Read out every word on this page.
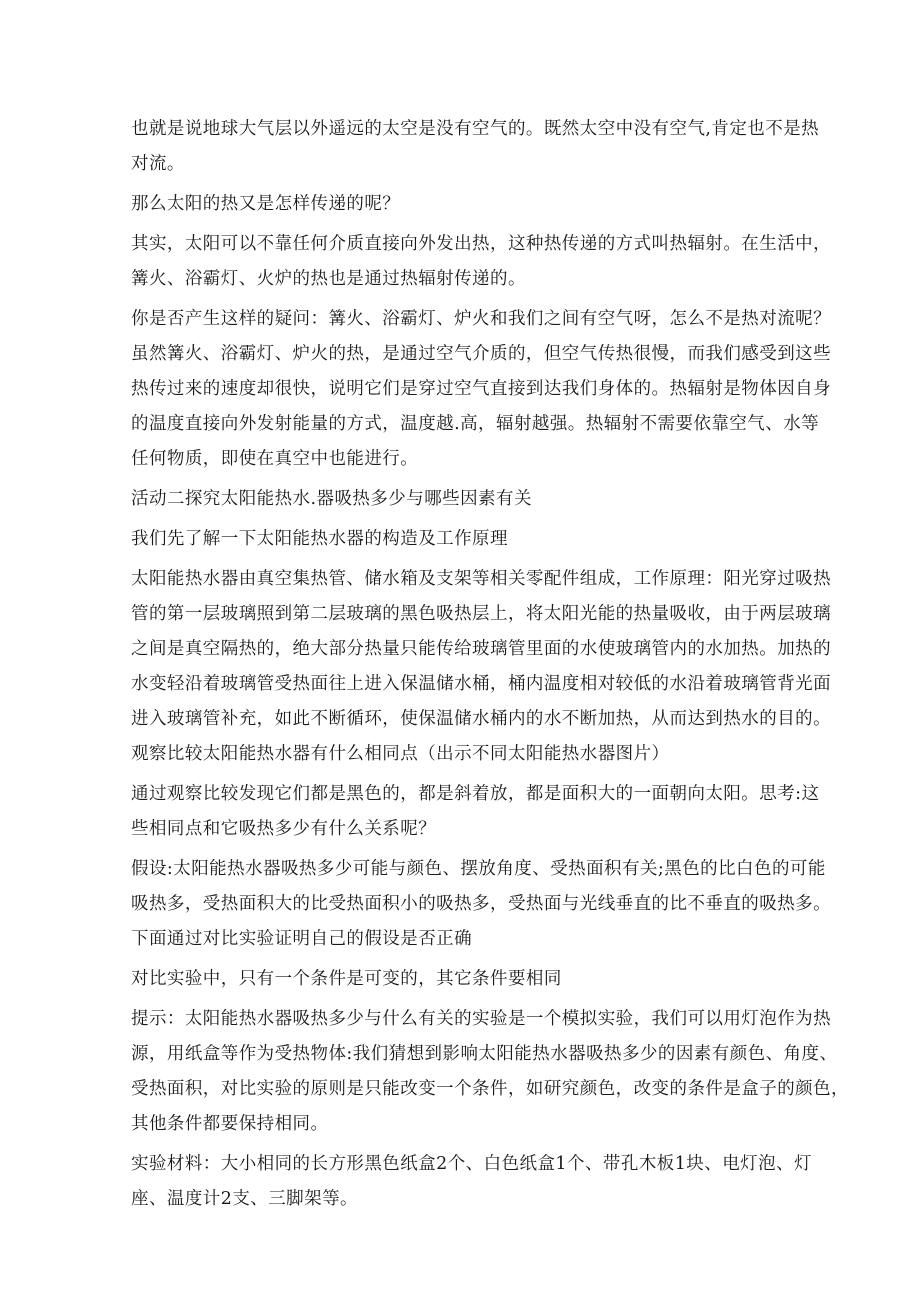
也就是说地球大气层以外遥远的太空是没有空气的。既然太空中没有空气,肯定也不是热

对流。

那么太阳的热又是怎样传递的呢？

其实，太阳可以不靠任何介质直接向外发出热，这种热传递的方式叫热辐射。在生活中，

篝火、浴霸灯、火炉的热也是通过热辐射传递的。

你是否产生这样的疑问：篝火、浴霸灯、炉火和我们之间有空气呀，怎么不是热对流呢？

虽然篝火、浴霸灯、炉火的热，是通过空气介质的，但空气传热很慢，而我们感受到这些

热传过来的速度却很快，说明它们是穿过空气直接到达我们身体的。热辐射是物体因自身

的温度直接向外发射能量的方式，温度越.高，辐射越强。热辐射不需要依靠空气、水等

任何物质，即使在真空中也能进行。

活动二探究太阳能热水.器吸热多少与哪些因素有关

我们先了解一下太阳能热水器的构造及工作原理

太阳能热水器由真空集热管、储水箱及支架等相关零配件组成，工作原理：阳光穿过吸热

管的第一层玻璃照到第二层玻璃的黑色吸热层上，将太阳光能的热量吸收，由于两层玻璃

之间是真空隔热的，绝大部分热量只能传给玻璃管里面的水使玻璃管内的水加热。加热的

水变轻沿着玻璃管受热面往上进入保温储水桶，桶内温度相对较低的水沿着玻璃管背光面

进入玻璃管补充，如此不断循环，使保温储水桶内的水不断加热，从而达到热水的目的。

观察比较太阳能热水器有什么相同点（出示不同太阳能热水器图片）

通过观察比较发现它们都是黑色的，都是斜着放，都是面积大的一面朝向太阳。思考:这

些相同点和它吸热多少有什么关系呢？

假设:太阳能热水器吸热多少可能与颜色、摆放角度、受热面积有关;黑色的比白色的可能

吸热多，受热面积大的比受热面积小的吸热多，受热面与光线垂直的比不垂直的吸热多。

下面通过对比实验证明自己的假设是否正确

对比实验中，只有一个条件是可变的，其它条件要相同

提示：太阳能热水器吸热多少与什么有关的实验是一个模拟实验，我们可以用灯泡作为热

源，用纸盒等作为受热物体:我们猜想到影响太阳能热水器吸热多少的因素有颜色、角度、

受热面积，对比实验的原则是只能改变一个条件，如研究颜色，改变的条件是盒子的颜色，

其他条件都要保持相同。

实验材料：大小相同的长方形黑色纸盒2个、白色纸盒1个、带孔木板1块、电灯泡、灯

座、温度计2支、三脚架等。
